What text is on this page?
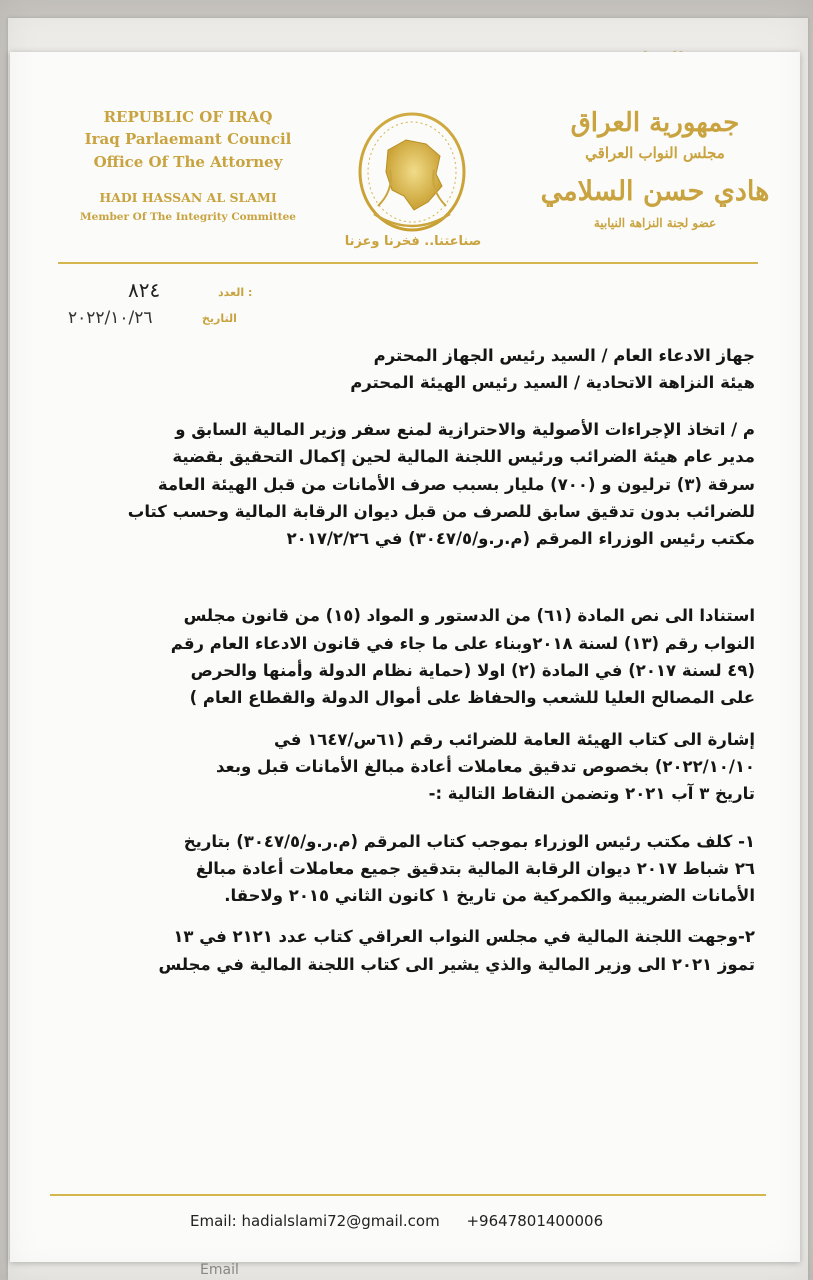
Email
REPUBLIC OF IRAQ
Iraq Parlaemant Council
Office Of The Attorney
HADI HASSAN AL SLAMI
Member Of The Integrity Committee
صناعتنا.. فخرنا وعزنا
جمهورية العراق
مجلس النواب العراقي
هادي حسن السلامي
عضو لجنة النزاهة النيابية
٨٢٤	العدد :
٢٠٢٢/١٠/٢٦	التاريخ

جهاز الادعاء العام / السيد رئيس الجهاز المحترم

هيئة النزاهة الاتحادية / السيد رئيس الهيئة المحترم

م / اتخاذ الإجراءات الأصولية والاحترازية لمنع سفر وزير المالية السابق و
مدير عام هيئة الضرائب ورئيس اللجنة المالية لحين إكمال التحقيق بقضية
سرقة (٣) ترليون و (٧٠٠) مليار بسبب صرف الأمانات من قبل الهيئة العامة
للضرائب بدون تدقيق سابق للصرف من قبل ديوان الرقابة المالية وحسب كتاب
مكتب رئيس الوزراء المرقم (م.ر.و/٣٠٤٧/٥) في ٢٠١٧/٢/٢٦
استنادا الى نص المادة (٦١) من الدستور و المواد (١٥) من قانون مجلس
النواب رقم (١٣) لسنة ٢٠١٨وبناء على ما جاء في قانون الادعاء العام رقم
(٤٩ لسنة ٢٠١٧) في المادة (٢) اولا (حماية نظام الدولة وأمنها والحرص
على المصالح العليا للشعب والحفاظ على أموال الدولة والقطاع العام )
إشارة الى كتاب الهيئة العامة للضرائب رقم (٦١س/١٦٤٧ في
٢٠٢٢/١٠/١٠) بخصوص تدقيق معاملات أعادة مبالغ الأمانات قبل وبعد
تاريخ ٣ آب ٢٠٢١ وتضمن النقاط التالية :-
١- كلف مكتب رئيس الوزراء بموجب كتاب المرقم (م.ر.و/٣٠٤٧/٥) بتاريخ
٢٦ شباط ٢٠١٧ ديوان الرقابة المالية بتدقيق جميع معاملات أعادة مبالغ
الأمانات الضريبية والكمركية من تاريخ ١ كانون الثاني ٢٠١٥ ولاحقا.
٢-وجهت اللجنة المالية في مجلس النواب العراقي كتاب عدد ٢١٢١ في ١٣
تموز ٢٠٢١ الى وزير المالية والذي يشير الى كتاب اللجنة المالية في مجلس
Email: hadialslami72@gmail.com +9647801400006
